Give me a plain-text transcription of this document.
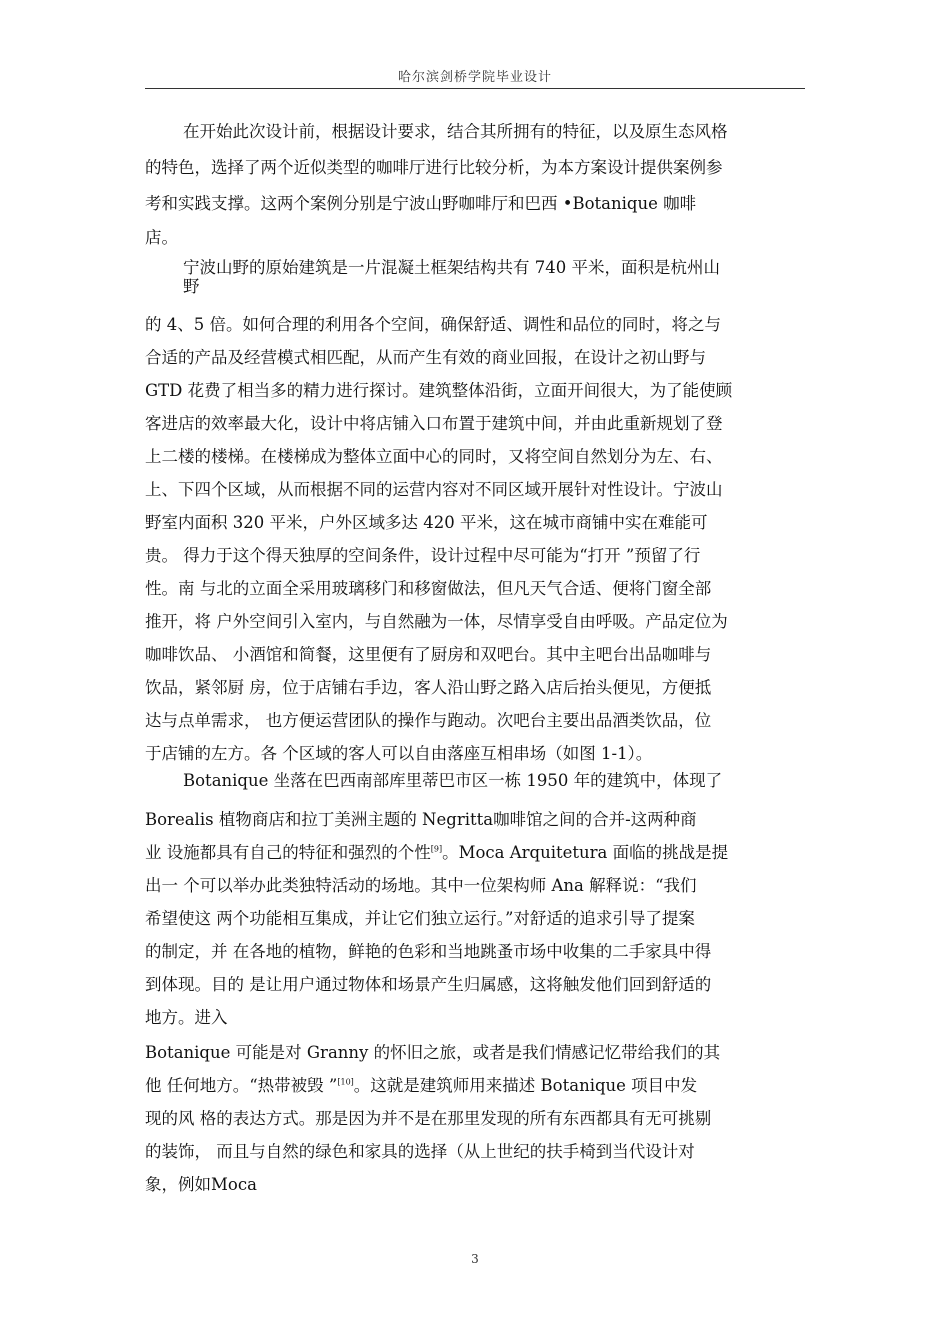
哈尔滨剑桥学院毕业设计
在开始此次设计前，根据设计要求，结合其所拥有的特征，以及原生态风格
的特色，选择了两个近似类型的咖啡厅进行比较分析，为本方案设计提供案例参
考和实践支撑。这两个案例分别是宁波山野咖啡厅和巴西 •Botanique 咖啡
店。
宁波山野的原始建筑是一片混凝土框架结构共有 740 平米，面积是杭州山
野
的 4、5 倍。如何合理的利用各个空间，确保舒适、调性和品位的同时，将之与
合适的产品及经营模式相匹配，从而产生有效的商业回报，在设计之初山野与
GTD 花费了相当多的精力进行探讨。建筑整体沿街，立面开间很大，为了能使顾
客进店的效率最大化，设计中将店铺入口布置于建筑中间，并由此重新规划了登
上二楼的楼梯。在楼梯成为整体立面中心的同时，又将空间自然划分为左、右、
上、下四个区域，从而根据不同的运营内容对不同区域开展针对性设计。宁波山
野室内面积 320 平米，户外区域多达 420 平米，这在城市商铺中实在难能可
贵。 得力于这个得天独厚的空间条件，设计过程中尽可能为“打开 ”预留了行
性。南 与北的立面全采用玻璃移门和移窗做法，但凡天气合适、便将门窗全部
推开，将 户外空间引入室内，与自然融为一体，尽情享受自由呼吸。产品定位为
咖啡饮品、 小酒馆和简餐，这里便有了厨房和双吧台。其中主吧台出品咖啡与
饮品，紧邻厨 房，位于店铺右手边，客人沿山野之路入店后抬头便见，方便抵
达与点单需求， 也方便运营团队的操作与跑动。次吧台主要出品酒类饮品，位
于店铺的左方。各 个区域的客人可以自由落座互相串场（如图 1-1）。
Botanique 坐落在巴西南部库里蒂巴市区一栋 1950 年的建筑中，体现了
Borealis 植物商店和拉丁美洲主题的 Negritta咖啡馆之间的合并-这两种商
业 设施都具有自己的特征和强烈的个性[9]。Moca Arquitetura 面临的挑战是提
出一 个可以举办此类独特活动的场地。其中一位架构师 Ana 解释说：“我们
希望使这 两个功能相互集成，并让它们独立运行。”对舒适的追求引导了提案
的制定，并 在各地的植物，鲜艳的色彩和当地跳蚤市场中收集的二手家具中得
到体现。目的 是让用户通过物体和场景产生归属感，这将触发他们回到舒适的
地方。进入
Botanique 可能是对 Granny 的怀旧之旅，或者是我们情感记忆带给我们的其
他 任何地方。“热带被毁 ”[10]。这就是建筑师用来描述 Botanique 项目中发
现的风 格的表达方式。那是因为并不是在那里发现的所有东西都具有无可挑剔
的装饰， 而且与自然的绿色和家具的选择（从上世纪的扶手椅到当代设计对
象，例如Moca
3
